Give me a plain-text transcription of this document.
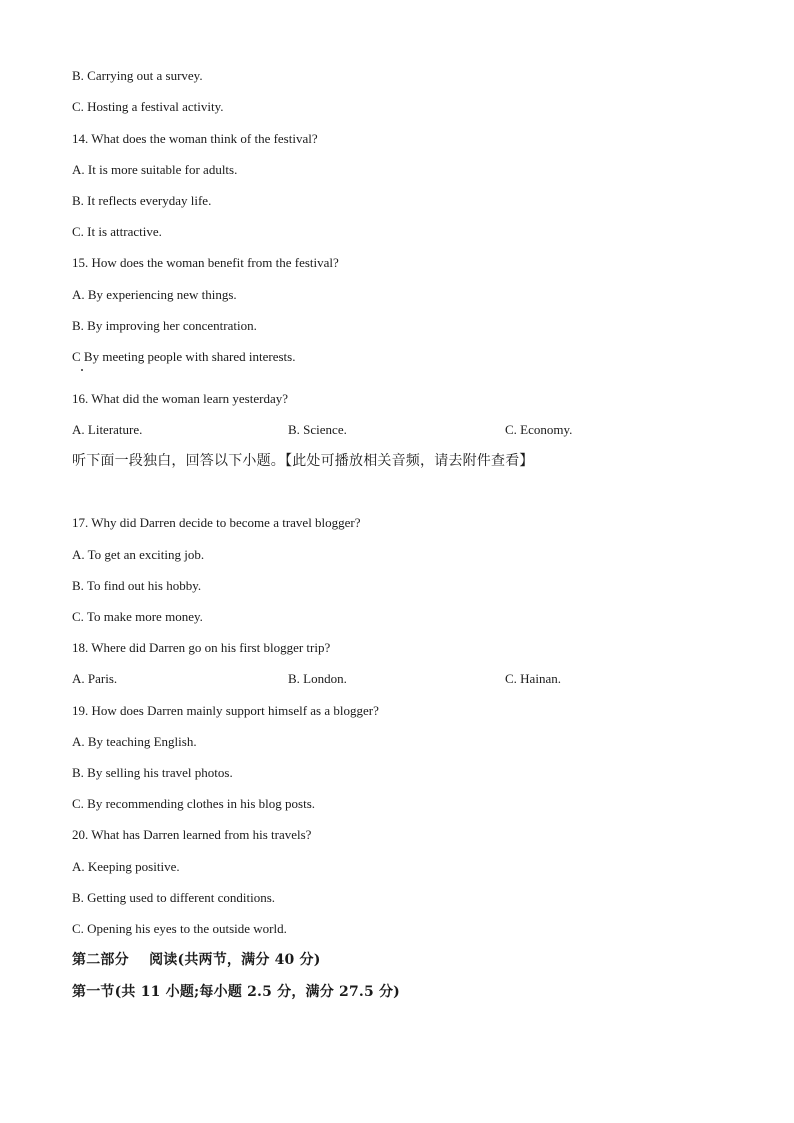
B. Carrying out a survey.
C. Hosting a festival activity.
14. What does the woman think of the festival?
A. It is more suitable for adults.
B. It reflects everyday life.
C. It is attractive.
15. How does the woman benefit from the festival?
A. By experiencing new things.
B. By improving her concentration.
C By meeting people with shared interests.
16. What did the woman learn yesterday?
A. Literature.	B. Science.	C. Economy.
听下面一段独白，回答以下小题。【此处可播放相关音频，请去附件查看】
17. Why did Darren decide to become a travel blogger?
A. To get an exciting job.
B. To find out his hobby.
C. To make more money.
18. Where did Darren go on his first blogger trip?
A. Paris.	B. London.	C. Hainan.
19. How does Darren mainly support himself as a blogger?
A. By teaching English.
B. By selling his travel photos.
C. By recommending clothes in his blog posts.
20. What has Darren learned from his travels?
A. Keeping positive.
B. Getting used to different conditions.
C. Opening his eyes to the outside world.
第二部分    阅读(共两节，满分 40 分)
第一节(共 11 小题;每小题 2.5 分，满分 27.5 分)
